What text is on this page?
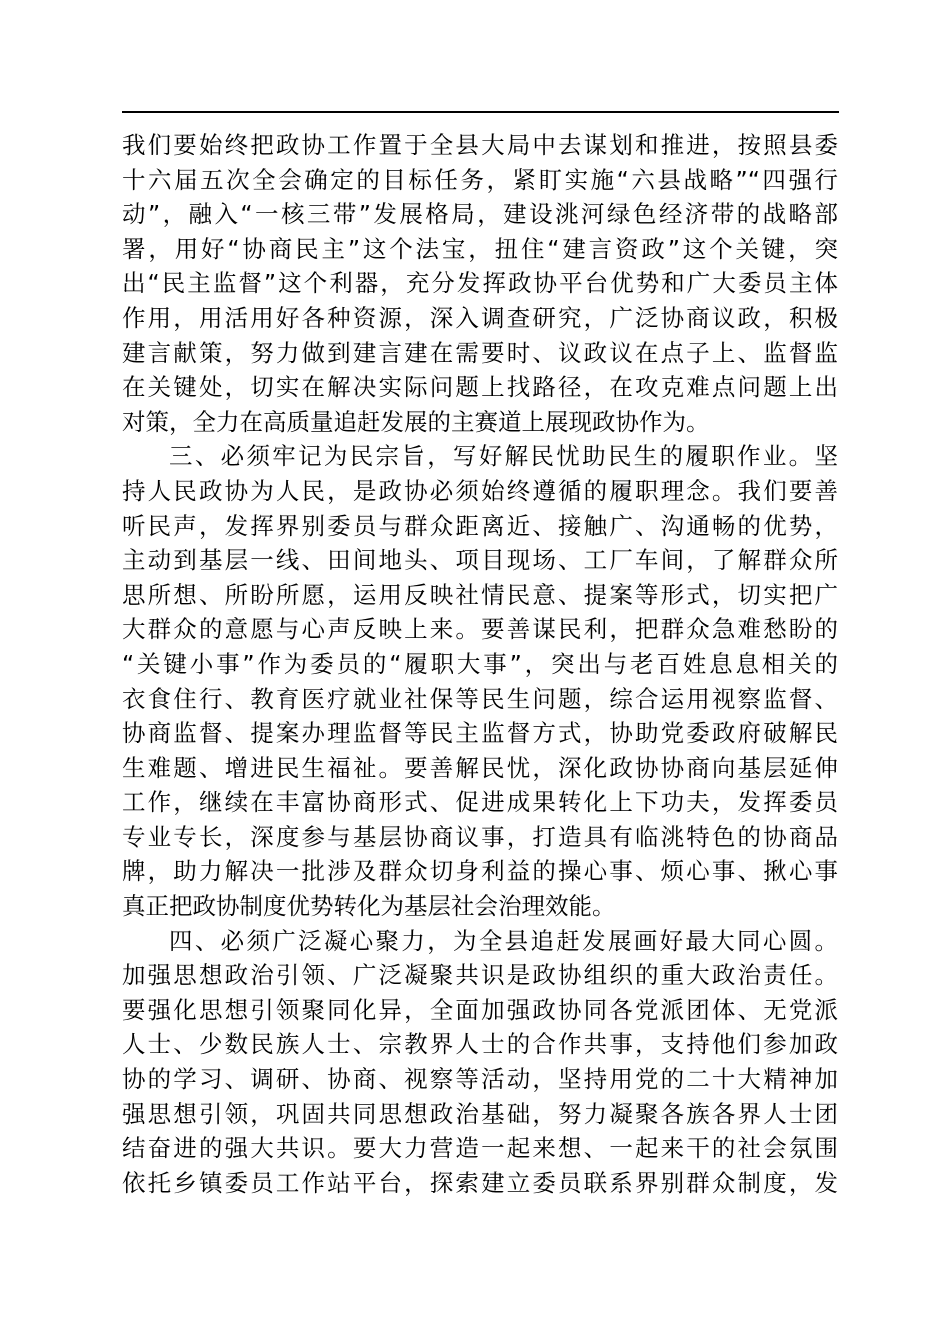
我们要始终把政协工作置于全县大局中去谋划和推进，按照县委
十六届五次全会确定的目标任务，紧盯实施“六县战略”“四强行
动”，融入“一核三带”发展格局，建设洮河绿色经济带的战略部
署，用好“协商民主”这个法宝，扭住“建言资政”这个关键，突
出“民主监督”这个利器，充分发挥政协平台优势和广大委员主体
作用，用活用好各种资源，深入调查研究，广泛协商议政，积极
建言献策，努力做到建言建在需要时、议政议在点子上、监督监
在关键处，切实在解决实际问题上找路径，在攻克难点问题上出
对策，全力在高质量追赶发展的主赛道上展现政协作为。
三、必须牢记为民宗旨，写好解民忧助民生的履职作业。坚
持人民政协为人民，是政协必须始终遵循的履职理念。我们要善
听民声，发挥界别委员与群众距离近、接触广、沟通畅的优势，
主动到基层一线、田间地头、项目现场、工厂车间，了解群众所
思所想、所盼所愿，运用反映社情民意、提案等形式，切实把广
大群众的意愿与心声反映上来。要善谋民利，把群众急难愁盼的
“关键小事”作为委员的“履职大事”，突出与老百姓息息相关的
衣食住行、教育医疗就业社保等民生问题，综合运用视察监督、
协商监督、提案办理监督等民主监督方式，协助党委政府破解民
生难题、增进民生福祉。要善解民忧，深化政协协商向基层延伸
工作，继续在丰富协商形式、促进成果转化上下功夫，发挥委员
专业专长，深度参与基层协商议事，打造具有临洮特色的协商品
牌，助力解决一批涉及群众切身利益的操心事、烦心事、揪心事
真正把政协制度优势转化为基层社会治理效能。
四、必须广泛凝心聚力，为全县追赶发展画好最大同心圆。
加强思想政治引领、广泛凝聚共识是政协组织的重大政治责任。
要强化思想引领聚同化异，全面加强政协同各党派团体、无党派
人士、少数民族人士、宗教界人士的合作共事，支持他们参加政
协的学习、调研、协商、视察等活动，坚持用党的二十大精神加
强思想引领，巩固共同思想政治基础，努力凝聚各族各界人士团
结奋进的强大共识。要大力营造一起来想、一起来干的社会氛围
依托乡镇委员工作站平台，探索建立委员联系界别群众制度，发
